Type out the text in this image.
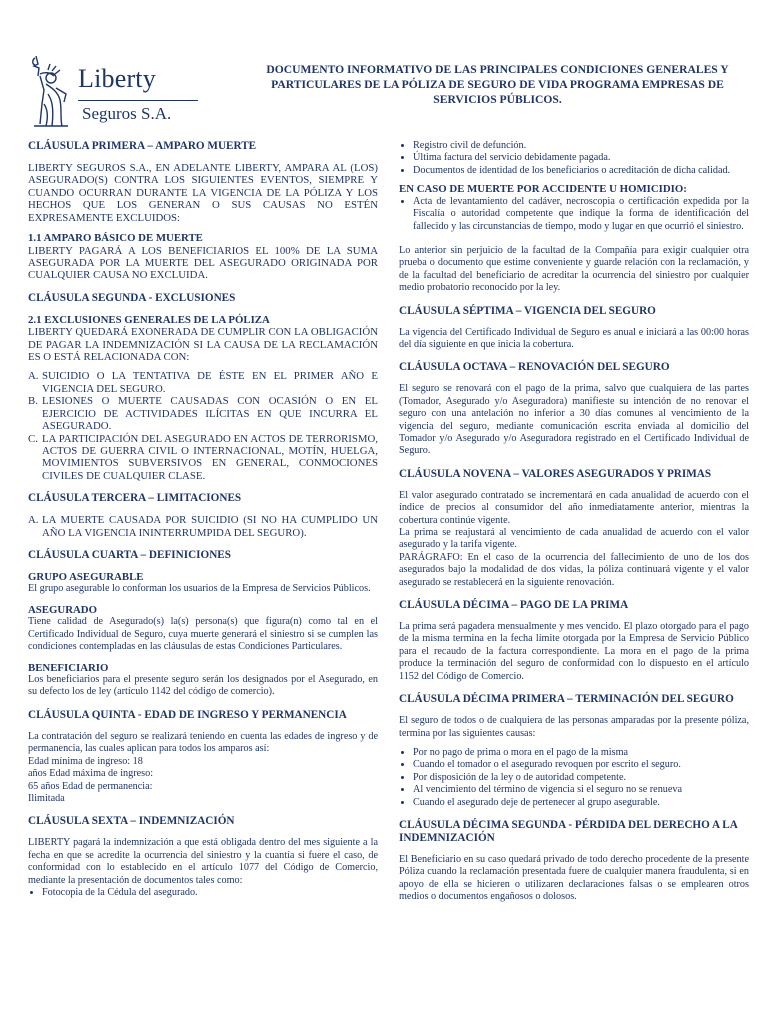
Liberty
Seguros S.A.
DOCUMENTO INFORMATIVO DE LAS PRINCIPALES CONDICIONES GENERALES Y PARTICULARES DE LA PÓLIZA DE SEGURO DE VIDA PROGRAMA EMPRESAS DE SERVICIOS PÚBLICOS.
CLÁUSULA PRIMERA – AMPARO MUERTE

LIBERTY SEGUROS S.A., EN ADELANTE LIBERTY, AMPARA AL (LOS) ASEGURADO(S) CONTRA LOS SIGUIENTES EVENTOS, SIEMPRE Y CUANDO OCURRAN DURANTE LA VIGENCIA DE LA PÓLIZA Y LOS HECHOS QUE LOS GENERAN O SUS CAUSAS NO ESTÉN EXPRESAMENTE EXCLUIDOS:

1.1 AMPARO BÁSICO DE MUERTE

LIBERTY PAGARÁ A LOS BENEFICIARIOS EL 100% DE LA SUMA ASEGURADA POR LA MUERTE DEL ASEGURADO ORIGINADA POR CUALQUIER CAUSA NO EXCLUIDA.

CLÁUSULA SEGUNDA - EXCLUSIONES
2.1 EXCLUSIONES GENERALES DE LA PÓLIZA

LIBERTY QUEDARÁ EXONERADA DE CUMPLIR CON LA OBLIGACIÓN DE PAGAR LA INDEMNIZACIÓN SI LA CAUSA DE LA RECLAMACIÓN ES O ESTÁ RELACIONADA CON:

A. SUICIDIO O LA TENTATIVA DE ÉSTE EN EL PRIMER AÑO E VIGENCIA DEL SEGURO.
B. LESIONES O MUERTE CAUSADAS CON OCASIÓN O EN EL EJERCICIO DE ACTIVIDADES ILÍCITAS EN QUE INCURRA EL ASEGURADO.
C. LA PARTICIPACIÓN DEL ASEGURADO EN ACTOS DE TERRORISMO, ACTOS DE GUERRA CIVIL O INTERNACIONAL, MOTÍN, HUELGA, MOVIMIENTOS SUBVERSIVOS EN GENERAL, CONMOCIONES CIVILES DE CUALQUIER CLASE.
CLÁUSULA TERCERA – LIMITACIONES
A. LA MUERTE CAUSADA POR SUICIDIO (SI NO HA CUMPLIDO UN AÑO LA VIGENCIA ININTERRUMPIDA DEL SEGURO).
CLÁUSULA CUARTA – DEFINICIONES
GRUPO ASEGURABLE

El grupo asegurable lo conforman los usuarios de la Empresa de Servicios Públicos.

ASEGURADO

Tiene calidad de Asegurado(s) la(s) persona(s) que figura(n) como tal en el Certificado Individual de Seguro, cuya muerte generará el siniestro si se cumplen las condiciones contempladas en las cláusulas de estas Condiciones Particulares.

BENEFICIARIO

Los beneficiarios para el presente seguro serán los designados por el Asegurado, en su defecto los de ley (artículo 1142 del código de comercio).

CLÁUSULA QUINTA - EDAD DE INGRESO Y PERMANENCIA

La contratación del seguro se realizará teniendo en cuenta las edades de ingreso y de permanencia, las cuales aplican para todos los amparos así:

Edad mínima de ingreso: 18
años Edad máxima de ingreso:
65 años Edad de permanencia:
Ilimitada
CLÁUSULA SEXTA – INDEMNIZACIÓN

LIBERTY pagará la indemnización a que está obligada dentro del mes siguiente a la fecha en que se acredite la ocurrencia del siniestro y la cuantía si fuere el caso, de conformidad con lo establecido en el artículo 1077 del Código de Comercio, mediante la presentación de documentos tales como:

• Fotocopia de la Cédula del asegurado.
• Registro civil de defunción.
• Última factura del servicio debidamente pagada.
• Documentos de identidad de los beneficiarios o acreditación de dicha calidad.
EN CASO DE MUERTE POR ACCIDENTE U HOMICIDIO:
• Acta de levantamiento del cadáver, necroscopia o certificación expedida por la Fiscalía o autoridad competente que indique la forma de identificación del fallecido y las circunstancias de tiempo, modo y lugar en que ocurrió el siniestro.

Lo anterior sin perjuicio de la facultad de la Compañía para exigir cualquier otra prueba o documento que estime conveniente y guarde relación con la reclamación, y de la facultad del beneficiario de acreditar la ocurrencia del siniestro por cualquier medio probatorio reconocido por la ley.

CLÁUSULA SÉPTIMA – VIGENCIA DEL SEGURO

La vigencia del Certificado Individual de Seguro es anual e iniciará a las 00:00 horas del día siguiente en que inicia la cobertura.

CLÁUSULA OCTAVA – RENOVACIÓN DEL SEGURO

El seguro se renovará con el pago de la prima, salvo que cualquiera de las partes (Tomador, Asegurado y/o Aseguradora) manifieste su intención de no renovar el seguro con una antelación no inferior a 30 días comunes al vencimiento de la vigencia del seguro, mediante comunicación escrita enviada al domicilio del Tomador y/o Asegurado y/o Aseguradora registrado en el Certificado Individual de Seguro.

CLÁUSULA NOVENA – VALORES ASEGURADOS Y PRIMAS

El valor asegurado contratado se incrementará en cada anualidad de acuerdo con el índice de precios al consumidor del año inmediatamente anterior, mientras la cobertura continúe vigente.

La prima se reajustará al vencimiento de cada anualidad de acuerdo con el valor asegurado y la tarifa vigente.

PARÁGRAFO: En el caso de la ocurrencia del fallecimiento de uno de los dos asegurados bajo la modalidad de dos vidas, la póliza continuará vigente y el valor asegurado se restablecerá en la siguiente renovación.

CLÁUSULA DÉCIMA – PAGO DE LA PRIMA

La prima será pagadera mensualmente y mes vencido. El plazo otorgado para el pago de la misma termina en la fecha límite otorgada por la Empresa de Servicio Público para el recaudo de la factura correspondiente. La mora en el pago de la prima produce la terminación del seguro de conformidad con lo dispuesto en el artículo 1152 del Código de Comercio.

CLÁUSULA DÉCIMA PRIMERA – TERMINACIÓN DEL SEGURO

El seguro de todos o de cualquiera de las personas amparadas por la presente póliza, termina por las siguientes causas:

• Por no pago de prima o mora en el pago de la misma
• Cuando el tomador o el asegurado revoquen por escrito el seguro.
• Por disposición de la ley o de autoridad competente.
• Al vencimiento del término de vigencia si el seguro no se renueva
• Cuando el asegurado deje de pertenecer al grupo asegurable.
CLÁUSULA DÉCIMA SEGUNDA - PÉRDIDA DEL DERECHO A LA INDEMNIZACIÓN

El Beneficiario en su caso quedará privado de todo derecho procedente de la presente Póliza cuando la reclamación presentada fuere de cualquier manera fraudulenta, si en apoyo de ella se hicieren o utilizaren declaraciones falsas o se emplearen otros medios o documentos engañosos o dolosos.
